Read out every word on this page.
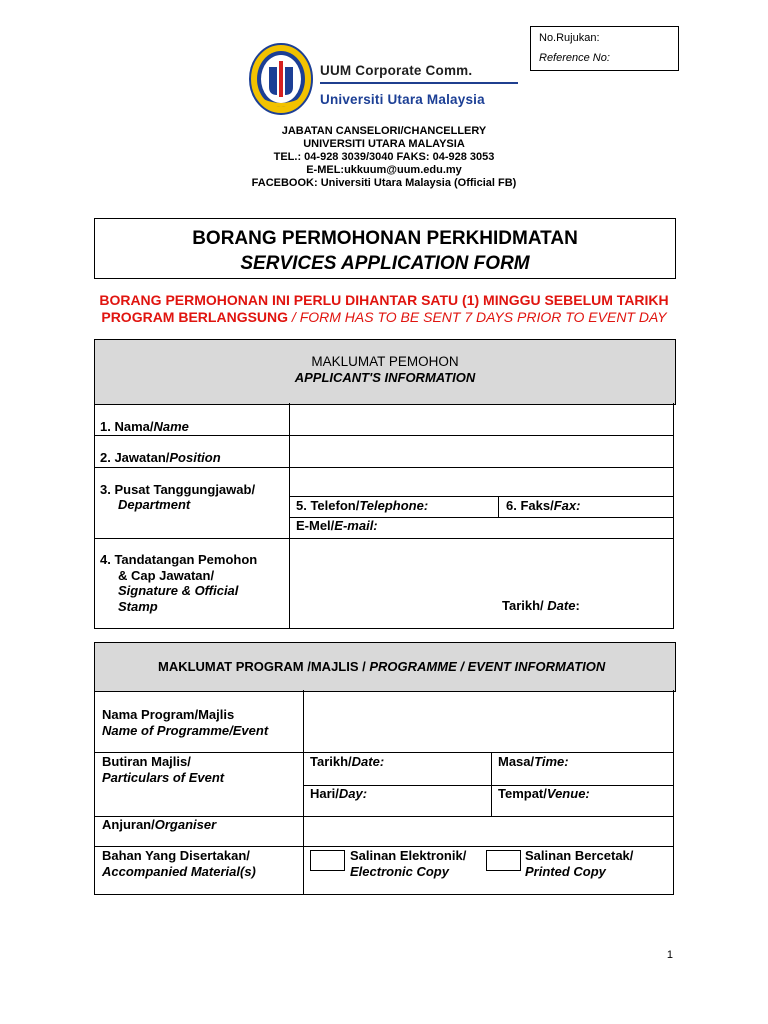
No.Rujukan:
Reference No:
UUM Corporate Comm.
Universiti Utara Malaysia
JABATAN CANSELORI/CHANCELLERY
UNIVERSITI UTARA MALAYSIA
TEL.: 04-928 3039/3040 FAKS: 04-928 3053
E-MEL:ukkuum@uum.edu.my
FACEBOOK: Universiti Utara Malaysia (Official FB)
BORANG PERMOHONAN PERKHIDMATAN
SERVICES APPLICATION FORM
BORANG PERMOHONAN INI PERLU DIHANTAR SATU (1) MINGGU SEBELUM TARIKH
PROGRAM BERLANGSUNG / FORM HAS TO BE SENT 7 DAYS PRIOR TO EVENT DAY
MAKLUMAT PEMOHON
APPLICANT'S INFORMATION
1. Nama/Name
2. Jawatan/Position
3. Pusat Tanggungjawab/
Department	5. Telefon/Telephone:	6. Faks/Fax:
E-Mel/E-mail:
4. Tandatangan Pemohon
& Cap Jawatan/
Signature & Official
Stamp	Tarikh/ Date:
MAKLUMAT PROGRAM /MAJLIS / PROGRAMME / EVENT INFORMATION
Nama Program/Majlis
Name of Programme/Event
Butiran Majlis/
Particulars of Event
Tarikh/Date:	Masa/Time:
Hari/Day:	Tempat/Venue:
Anjuran/Organiser
Bahan Yang Disertakan/
Accompanied Material(s)
Salinan Elektronik/
Electronic Copy
Salinan Bercetak/
Printed Copy
1
